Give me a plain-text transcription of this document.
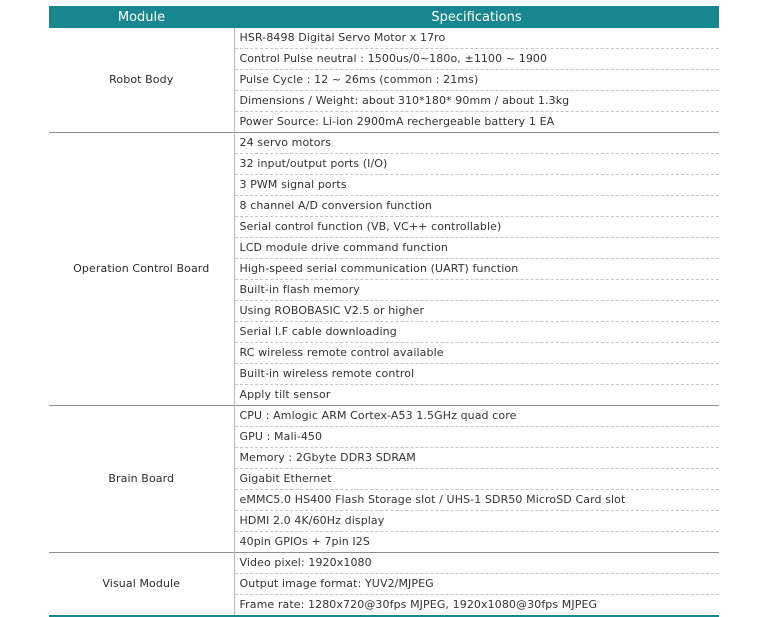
Module	Specifications
Robot Body	HSR-8498 Digital Servo Motor x 17ro
	Control Pulse neutral : 1500us/0~180o, ±1100 ~ 1900
	Pulse Cycle : 12 ~ 26ms (common : 21ms)
	Dimensions / Weight: about 310*180* 90mm / about 1.3kg
	Power Source: Li-ion 2900mA rechergeable battery 1 EA
Operation Control Board	24 servo motors
	32 input/output ports (I/O)
	3 PWM signal ports
	8 channel A/D conversion function
	Serial control function (VB, VC++ controllable)
	LCD module drive command function
	High-speed serial communication (UART) function
	Built-in flash memory
	Using ROBOBASIC V2.5 or higher
	Serial I.F cable downloading
	RC wireless remote control available
	Built-in wireless remote control
	Apply tilt sensor
Brain Board	CPU : Amlogic ARM Cortex-A53 1.5GHz quad core
	GPU : Mali-450
	Memory : 2Gbyte DDR3 SDRAM
	Gigabit Ethernet
	eMMC5.0 HS400 Flash Storage slot / UHS-1 SDR50 MicroSD Card slot
	HDMI 2.0 4K/60Hz display
	40pin GPIOs + 7pin I2S
Visual Module	Video pixel: 1920x1080
	Output image format: YUV2/MJPEG
	Frame rate: 1280x720@30fps MJPEG, 1920x1080@30fps MJPEG
